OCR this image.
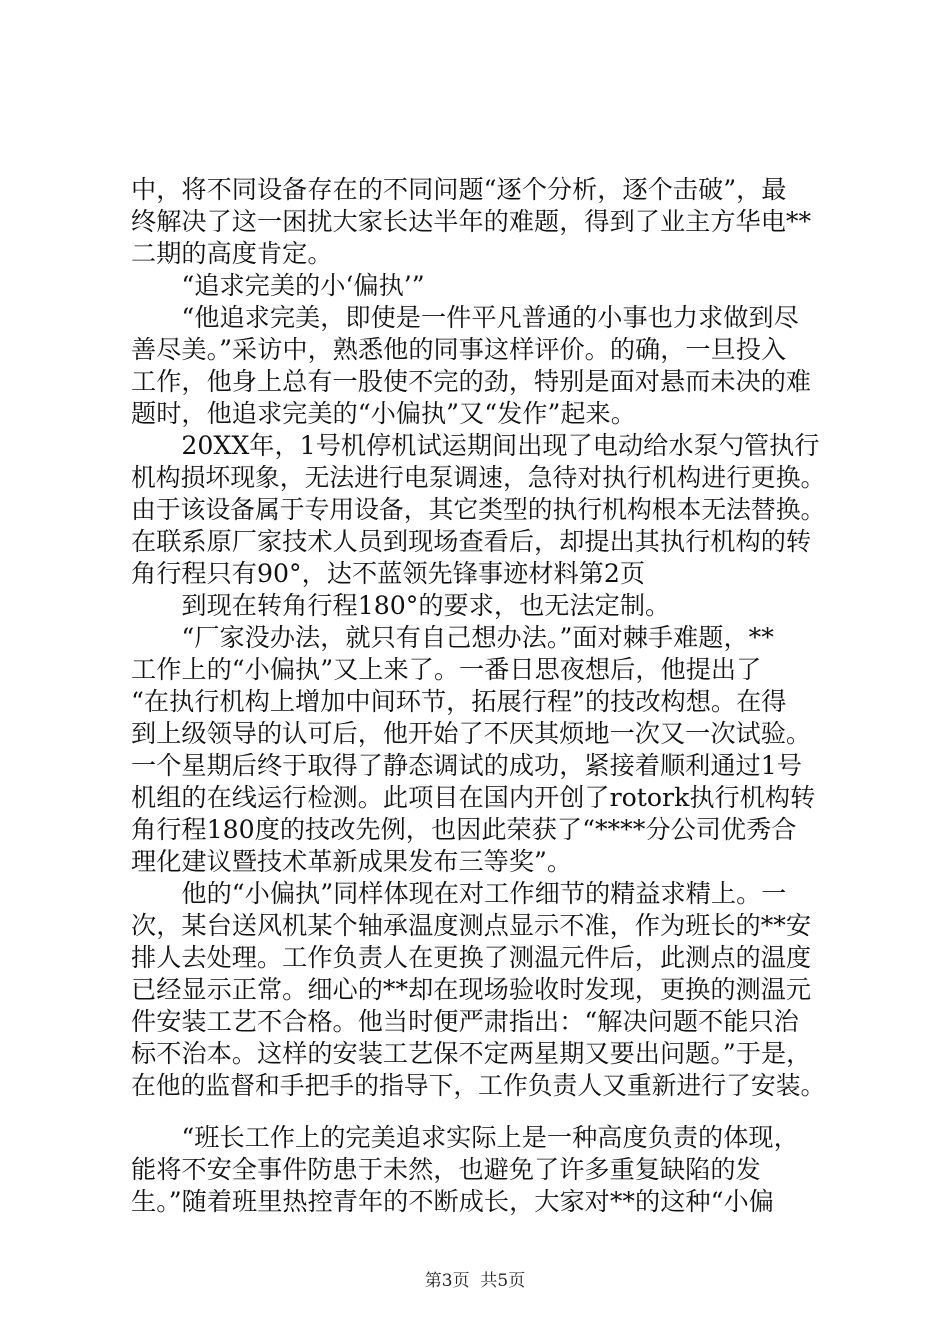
中，将不同设备存在的不同问题“逐个分析，逐个击破”，最
终解决了这一困扰大家长达半年的难题，得到了业主方华电**
二期的高度肯定。
　　“追求完美的小‘偏执’”
　　“他追求完美，即使是一件平凡普通的小事也力求做到尽
善尽美。”采访中，熟悉他的同事这样评价。的确，一旦投入
工作，他身上总有一股使不完的劲，特别是面对悬而未决的难
题时，他追求完美的“小偏执”又“发作”起来。
　　20XX年，1号机停机试运期间出现了电动给水泵勺管执行
机构损坏现象，无法进行电泵调速，急待对执行机构进行更换。
由于该设备属于专用设备，其它类型的执行机构根本无法替换。
在联系原厂家技术人员到现场查看后，却提出其执行机构的转
角行程只有90°，达不蓝领先锋事迹材料第2页
　　到现在转角行程180°的要求，也无法定制。
　　“厂家没办法，就只有自己想办法。”面对棘手难题，**
工作上的“小偏执”又上来了。一番日思夜想后，他提出了
“在执行机构上增加中间环节，拓展行程”的技改构想。在得
到上级领导的认可后，他开始了不厌其烦地一次又一次试验。
一个星期后终于取得了静态调试的成功，紧接着顺利通过1号
机组的在线运行检测。此项目在国内开创了rotork执行机构转
角行程180度的技改先例，也因此荣获了“****分公司优秀合
理化建议暨技术革新成果发布三等奖”。
　　他的“小偏执”同样体现在对工作细节的精益求精上。一
次，某台送风机某个轴承温度测点显示不准，作为班长的**安
排人去处理。工作负责人在更换了测温元件后，此测点的温度
已经显示正常。细心的**却在现场验收时发现，更换的测温元
件安装工艺不合格。他当时便严肃指出：“解决问题不能只治
标不治本。这样的安装工艺保不定两星期又要出问题。”于是，
在他的监督和手把手的指导下，工作负责人又重新进行了安装。
　　“班长工作上的完美追求实际上是一种高度负责的体现，
能将不安全事件防患于未然，也避免了许多重复缺陷的发
生。”随着班里热控青年的不断成长，大家对**的这种“小偏
第3页  共5页
